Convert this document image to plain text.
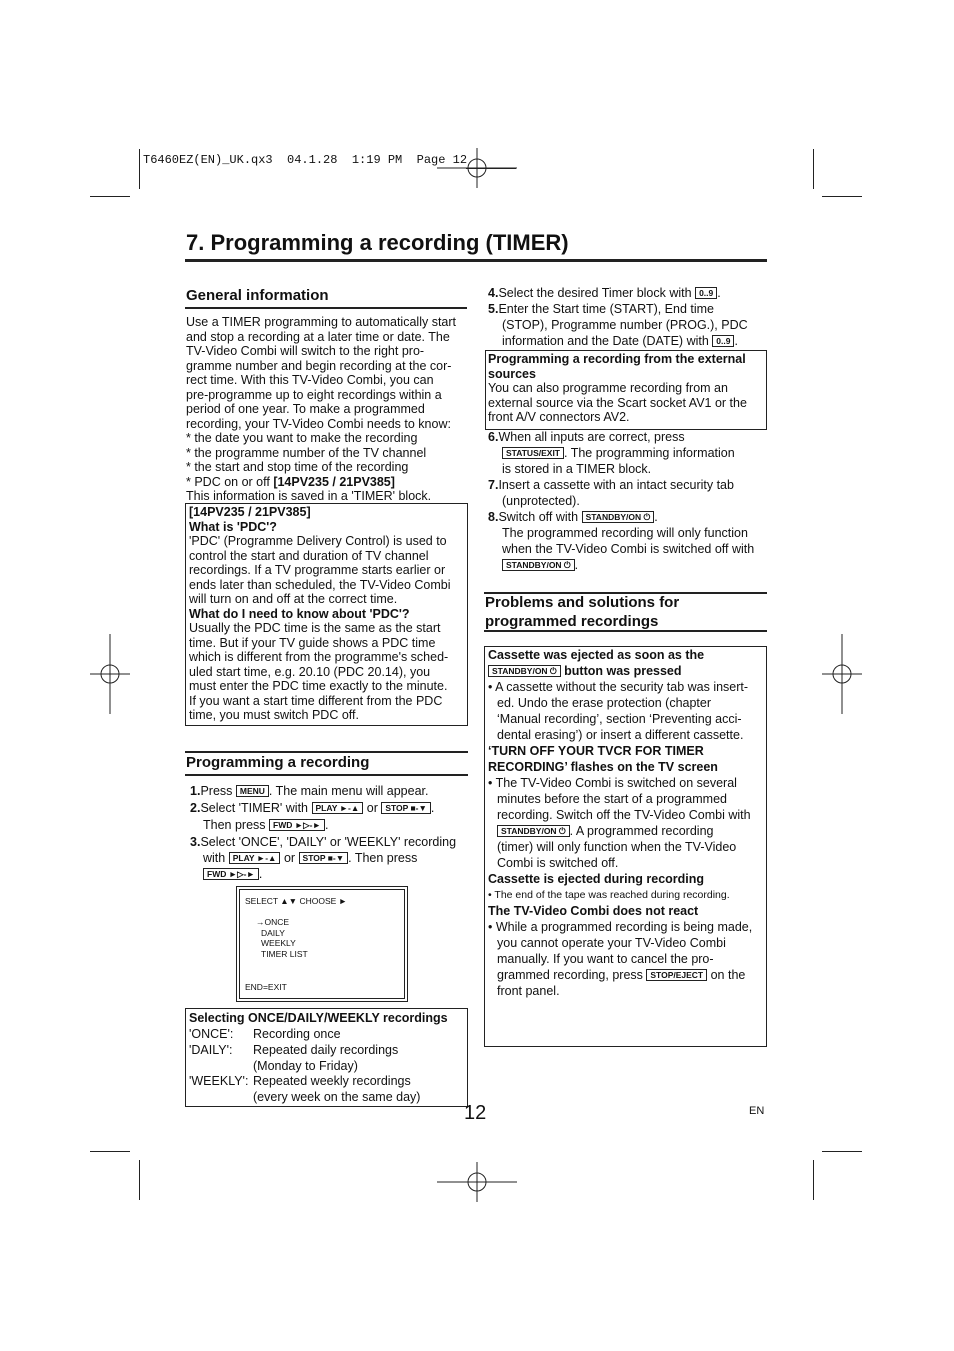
T6460EZ(EN)_UK.qx3  04.1.28  1:19 PM  Page 12
7. Programming a recording (TIMER)
General information
Use a TIMER programming to automatically start
and stop a recording at a later time or date. The
TV-Video Combi will switch to the right pro-
gramme number and begin recording at the cor-
rect time. With this TV-Video Combi, you can
pre-programme up to eight recordings within a
period of one year. To make a programmed
recording, your TV-Video Combi needs to know:
* the date you want to make the recording
* the programme number of the TV channel
* the start and stop time of the recording
* PDC on or off [14PV235 / 21PV385]
This information is saved in a 'TIMER' block.
[14PV235 / 21PV385]
What is 'PDC'?
'PDC' (Programme Delivery Control) is used to
control the start and duration of TV channel
recordings. If a TV programme starts earlier or
ends later than scheduled, the TV-Video Combi
will turn on and off at the correct time.
What do I need to know about 'PDC'?
Usually the PDC time is the same as the start
time. But if your TV guide shows a PDC time
which is different from the programme's sched-
uled start time, e.g. 20.10 (PDC 20.14), you
must enter the PDC time exactly to the minute.
If you want a start time different from the PDC
time, you must switch PDC off.
Programming a recording
1.Press MENU . The main menu will appear.
2.Select 'TIMER' with PLAY ►-▲ or STOP ■-▼ .
Then press FWD ►▷-► .
3.Select 'ONCE', 'DAILY' or 'WEEKLY' recording
with PLAY ►-▲ or STOP ■-▼ . Then press
FWD ►▷-► .
SELECT ▲▼ CHOOSE ►
→ONCE
DAILY
WEEKLY
TIMER LIST
END=EXIT
Selecting ONCE/DAILY/WEEKLY recordings
'ONCE': Recording once
'DAILY': Repeated daily recordings
(Monday to Friday)
'WEEKLY': Repeated weekly recordings
(every week on the same day)
12	EN
4.Select the desired Timer block with 0..9 .
5.Enter the Start time (START), End time
(STOP), Programme number (PROG.), PDC
information and the Date (DATE) with 0..9 .
Programming a recording from the external sources
You can also programme recording from an
external source via the Scart socket AV1 or the
front A/V connectors AV2.
6.When all inputs are correct, press
STATUS/EXIT . The programming information
is stored in a TIMER block.
7.Insert a cassette with an intact security tab
(unprotected).
8.Switch off with STANDBY/ON ⏻ .
The programmed recording will only function
when the TV-Video Combi is switched off with
STANDBY/ON ⏻ .
Problems and solutions for
programmed recordings
Cassette was ejected as soon as the
STANDBY/ON ⏻ button was pressed
• A cassette without the security tab was insert-
ed. Undo the erase protection (chapter
‘Manual recording’, section ‘Preventing acci-
dental erasing’) or insert a different cassette.
‘TURN OFF YOUR TVCR FOR TIMER
RECORDING’ flashes on the TV screen
• The TV-Video Combi is switched on several
minutes before the start of a programmed
recording. Switch off the TV-Video Combi with
STANDBY/ON ⏻ . A programmed recording
(timer) will only function when the TV-Video
Combi is switched off.
Cassette is ejected during recording
• The end of the tape was reached during recording.
The TV-Video Combi does not react
• While a programmed recording is being made,
you cannot operate your TV-Video Combi
manually. If you want to cancel the pro-
grammed recording, press STOP/EJECT on the
front panel.
